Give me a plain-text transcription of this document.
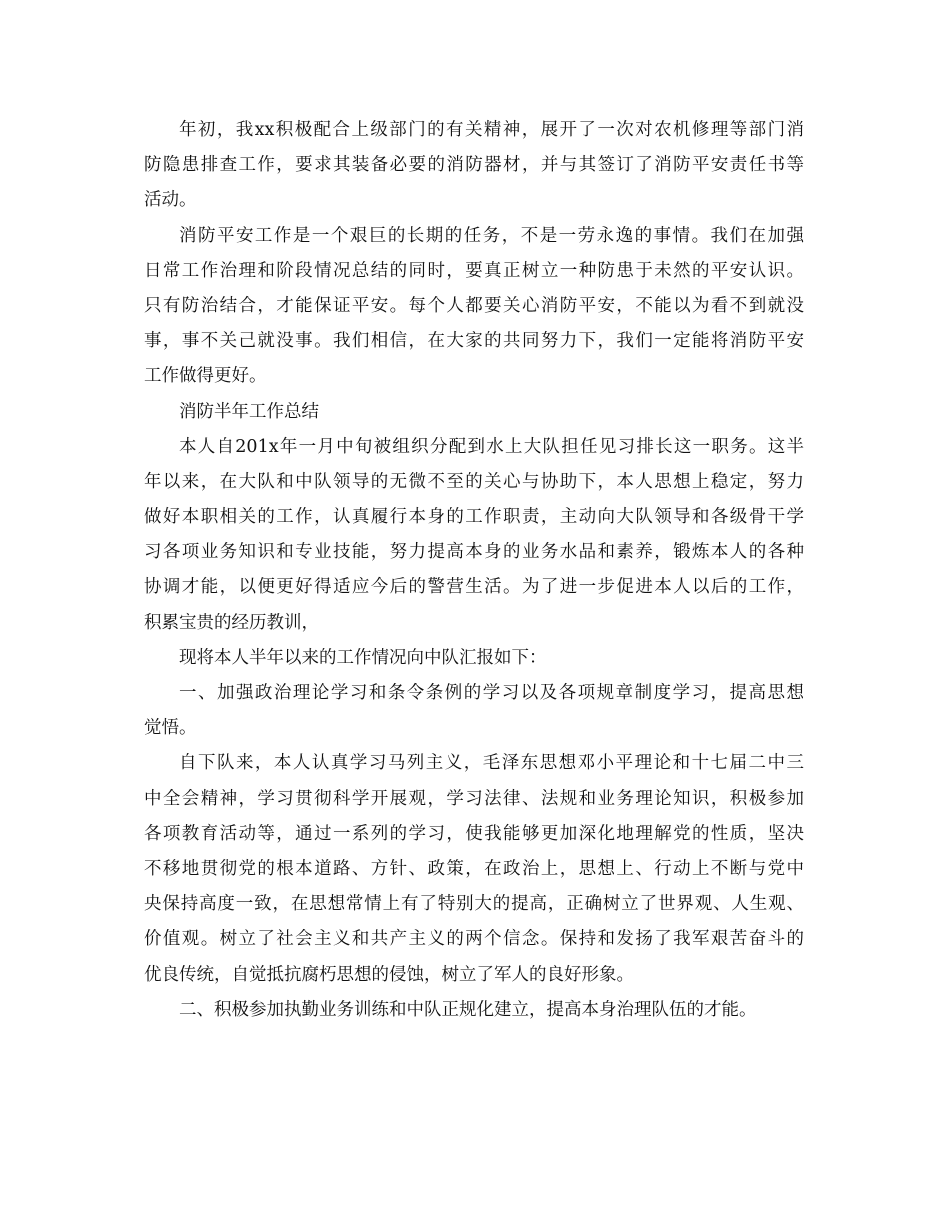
年初，我xx积极配合上级部门的有关精神，展开了一次对农机修理等部门消
防隐患排查工作，要求其装备必要的消防器材，并与其签订了消防平安责任书等
活动。
消防平安工作是一个艰巨的长期的任务，不是一劳永逸的事情。我们在加强
日常工作治理和阶段情况总结的同时，要真正树立一种防患于未然的平安认识。
只有防治结合，才能保证平安。每个人都要关心消防平安，不能以为看不到就没
事，事不关己就没事。我们相信，在大家的共同努力下，我们一定能将消防平安
工作做得更好。
消防半年工作总结
本人自201x年一月中旬被组织分配到水上大队担任见习排长这一职务。这半
年以来，在大队和中队领导的无微不至的关心与协助下，本人思想上稳定，努力
做好本职相关的工作，认真履行本身的工作职责，主动向大队领导和各级骨干学
习各项业务知识和专业技能，努力提高本身的业务水品和素养，锻炼本人的各种
协调才能，以便更好得适应今后的警营生活。为了进一步促进本人以后的工作，
积累宝贵的经历教训，
现将本人半年以来的工作情况向中队汇报如下：
一、加强政治理论学习和条令条例的学习以及各项规章制度学习，提高思想
觉悟。
自下队来，本人认真学习马列主义，毛泽东思想邓小平理论和十七届二中三
中全会精神，学习贯彻科学开展观，学习法律、法规和业务理论知识，积极参加
各项教育活动等，通过一系列的学习，使我能够更加深化地理解党的性质，坚决
不移地贯彻党的根本道路、方针、政策，在政治上，思想上、行动上不断与党中
央保持高度一致，在思想常情上有了特别大的提高，正确树立了世界观、人生观、
价值观。树立了社会主义和共产主义的两个信念。保持和发扬了我军艰苦奋斗的
优良传统，自觉抵抗腐朽思想的侵蚀，树立了军人的良好形象。
二、积极参加执勤业务训练和中队正规化建立，提高本身治理队伍的才能。
